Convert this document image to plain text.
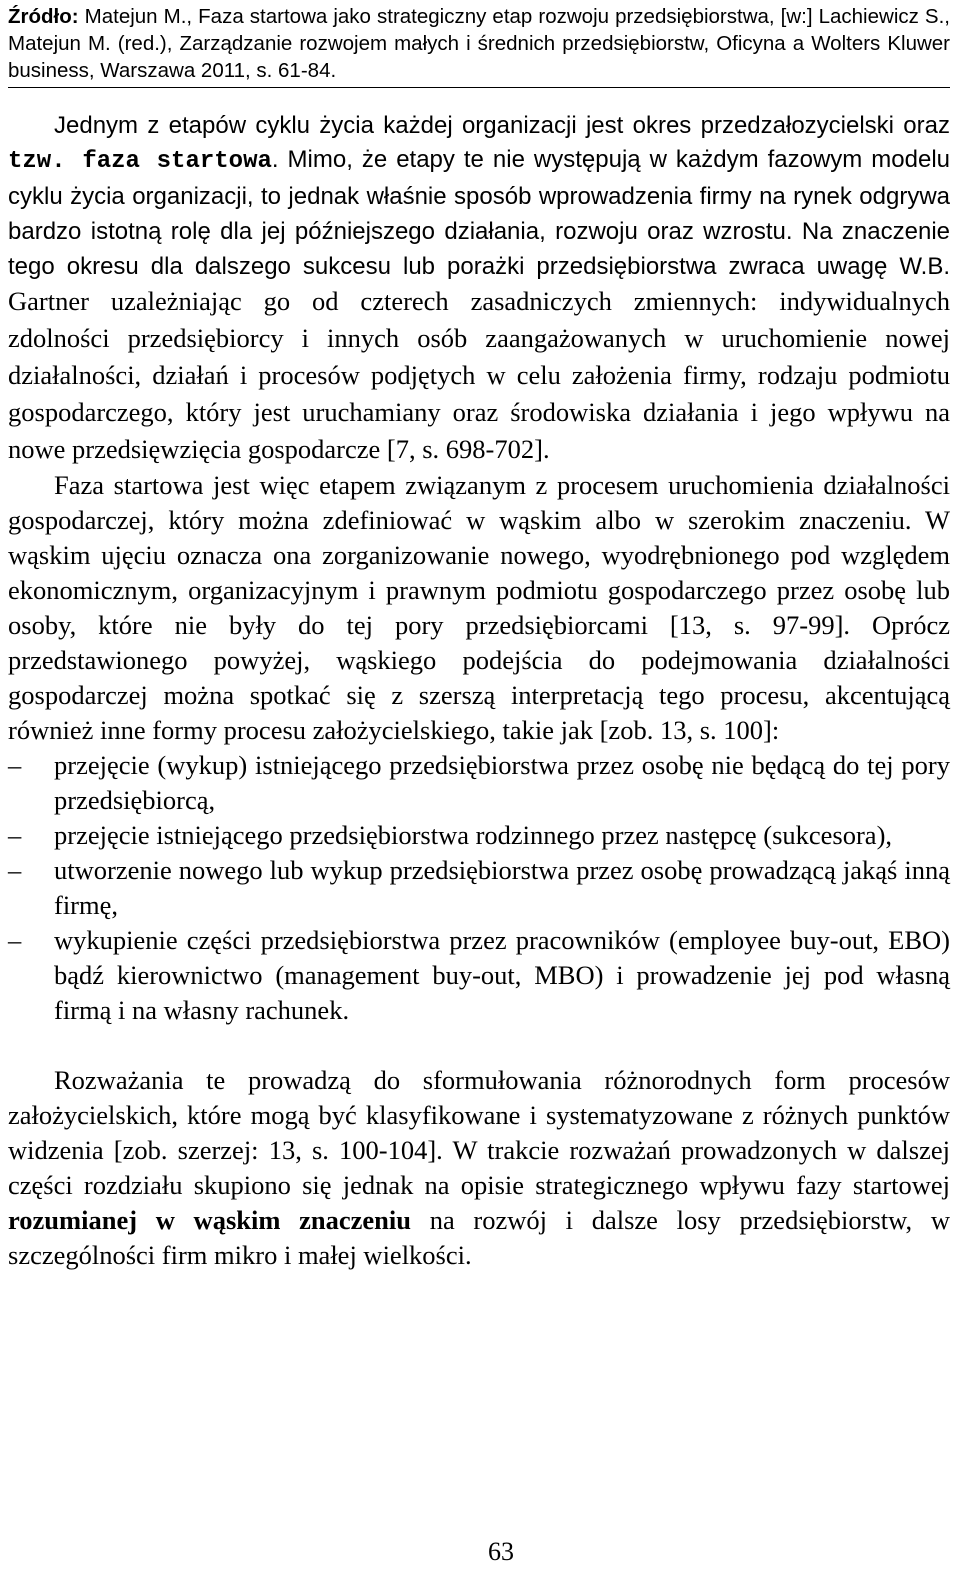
Źródło: Matejun M., Faza startowa jako strategiczny etap rozwoju przedsiębiorstwa, [w:] Lachiewicz S., Matejun M. (red.), Zarządzanie rozwojem małych i średnich przedsiębiorstw, Oficyna a Wolters Kluwer business, Warszawa 2011, s. 61-84.

Jednym z etapów cyklu życia każdej organizacji jest okres przedzałozycielski oraz tzw. faza startowa. Mimo, że etapy te nie występują w każdym fazowym modelu cyklu życia organizacji, to jednak właśnie sposób wprowadzenia firmy na rynek odgrywa bardzo istotną rolę dla jej późniejszego działania, rozwoju oraz wzrostu. Na znaczenie tego okresu dla dalszego sukcesu lub porażki przedsiębiorstwa zwraca uwagę W.B. Gartner uzależniając go od czterech zasadniczych zmiennych: indywidualnych zdolności przedsiębiorcy i innych osób zaangażowanych w uruchomienie nowej działalności, działań i procesów podjętych w celu założenia firmy, rodzaju podmiotu gospodarczego, który jest uruchamiany oraz środowiska działania i jego wpływu na nowe przedsięwzięcia gospodarcze [7, s. 698-702].

Faza startowa jest więc etapem związanym z procesem uruchomienia działalności gospodarczej, który można zdefiniować w wąskim albo w szerokim znaczeniu. W wąskim ujęciu oznacza ona zorganizowanie nowego, wyodrębnionego pod względem ekonomicznym, organizacyjnym i prawnym podmiotu gospodarczego przez osobę lub osoby, które nie były do tej pory przedsiębiorcami [13, s. 97-99]. Oprócz przedstawionego powyżej, wąskiego podejścia do podejmowania działalności gospodarczej można spotkać się z szerszą interpretacją tego procesu, akcentującą również inne formy procesu założycielskiego, takie jak [zob. 13, s. 100]:

– przejęcie (wykup) istniejącego przedsiębiorstwa przez osobę nie będącą do tej pory przedsiębiorcą,
– przejęcie istniejącego przedsiębiorstwa rodzinnego przez następcę (sukcesora),
– utworzenie nowego lub wykup przedsiębiorstwa przez osobę prowadzącą jakąś inną firmę,
– wykupienie części przedsiębiorstwa przez pracowników (employee buy-out, EBO) bądź kierownictwo (management buy-out, MBO) i prowadzenie jej pod własną firmą i na własny rachunek.

Rozważania te prowadzą do sformułowania różnorodnych form procesów założycielskich, które mogą być klasyfikowane i systematyzowane z różnych punktów widzenia [zob. szerzej: 13, s. 100-104]. W trakcie rozważań prowadzonych w dalszej części rozdziału skupiono się jednak na opisie strategicznego wpływu fazy startowej rozumianej w wąskim znaczeniu na rozwój i dalsze losy przedsiębiorstw, w szczególności firm mikro i małej wielkości.

63
